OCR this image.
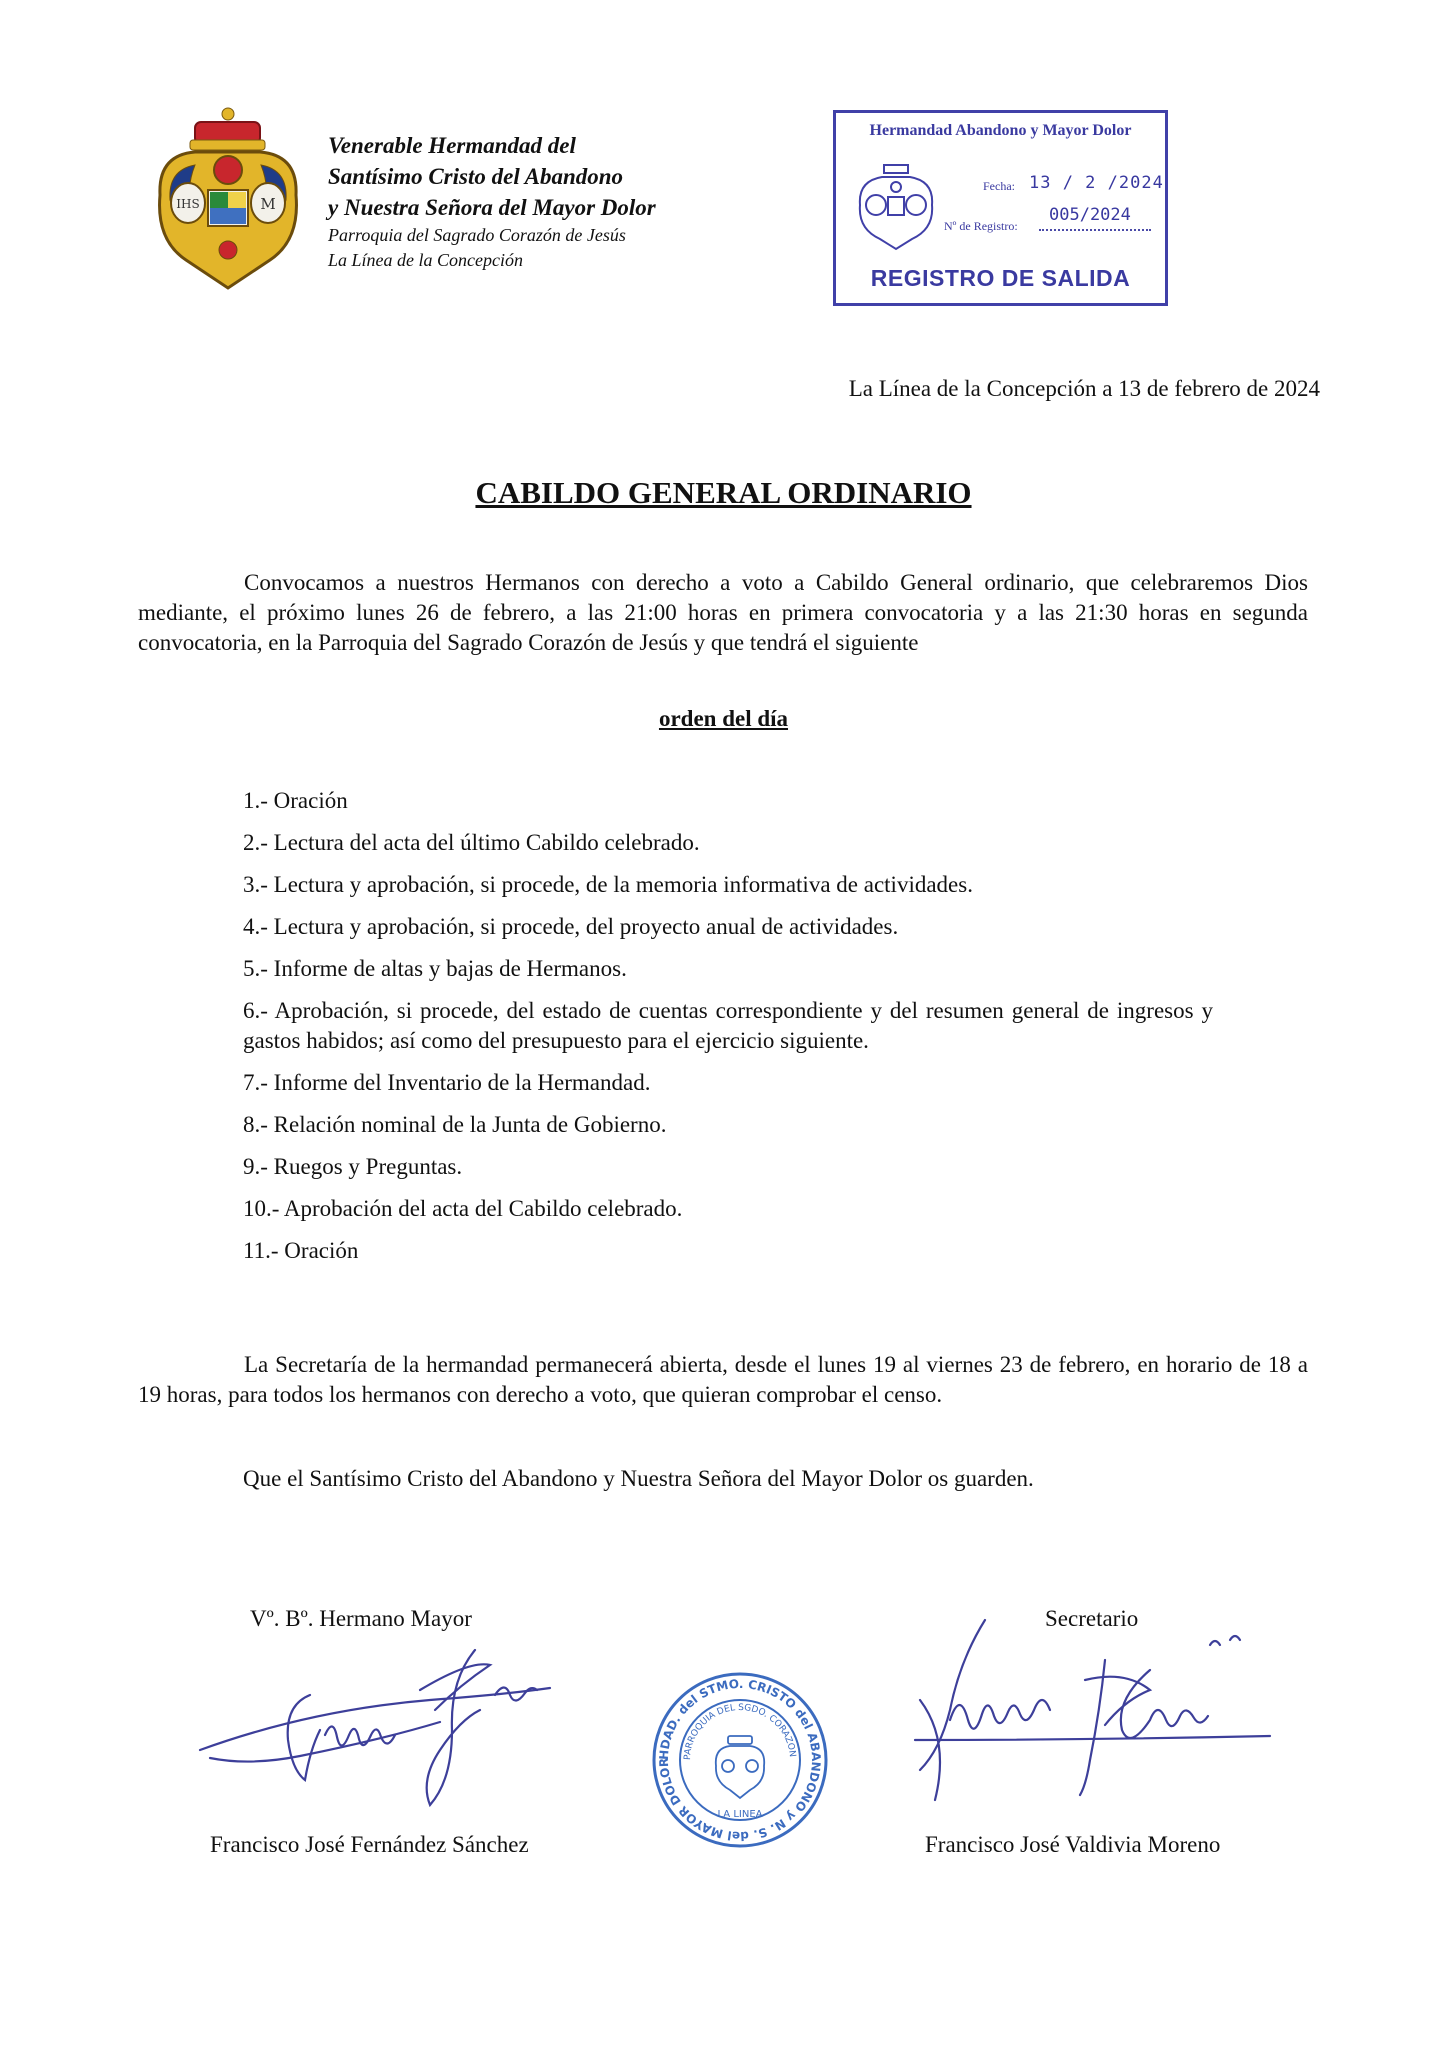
IHS	M
Venerable Hermandad del
Santísimo Cristo del Abandono
y Nuestra Señora del Mayor Dolor
Parroquia del Sagrado Corazón de Jesús
La Línea de la Concepción
Hermandad Abandono y Mayor Dolor
Fecha: 13 / 2 /2024
Nº de Registro:
005/2024
REGISTRO DE SALIDA
La Línea de la Concepción a 13 de febrero de 2024
CABILDO GENERAL ORDINARIO
Convocamos a nuestros Hermanos con derecho a voto a Cabildo General ordinario, que celebraremos Dios mediante, el próximo lunes 26 de febrero, a las 21:00 horas en primera convocatoria y a las 21:30 horas en segunda convocatoria, en la Parroquia del Sagrado Corazón de Jesús y que tendrá el siguiente
orden del día
1.- Oración
2.- Lectura del acta del último Cabildo celebrado.
3.- Lectura y aprobación, si procede, de la memoria informativa de actividades.
4.- Lectura y aprobación, si procede, del proyecto anual de actividades.
5.- Informe de altas y bajas de Hermanos.
6.- Aprobación, si procede, del estado de cuentas correspondiente y del resumen general de ingresos y gastos habidos; así como del presupuesto para el ejercicio siguiente.
7.- Informe del Inventario de la Hermandad.
8.- Relación nominal de la Junta de Gobierno.
9.- Ruegos y Preguntas.
10.- Aprobación del acta del Cabildo celebrado.
11.- Oración
La Secretaría de la hermandad permanecerá abierta, desde el lunes 19 al viernes 23 de febrero, en horario de 18 a 19 horas, para todos los hermanos con derecho a voto, que quieran comprobar el censo.
Que el Santísimo Cristo del Abandono y Nuestra Señora del Mayor Dolor os guarden.
Vº. Bº. Hermano Mayor	Secretario
HDAD. del STMO. CRISTO del ABANDONO y N. S. del MAYOR DOLOR
PARROQUIA DEL SGDO. CORAZON
LA LINEA
Francisco José Fernández Sánchez	Francisco José Valdivia Moreno
